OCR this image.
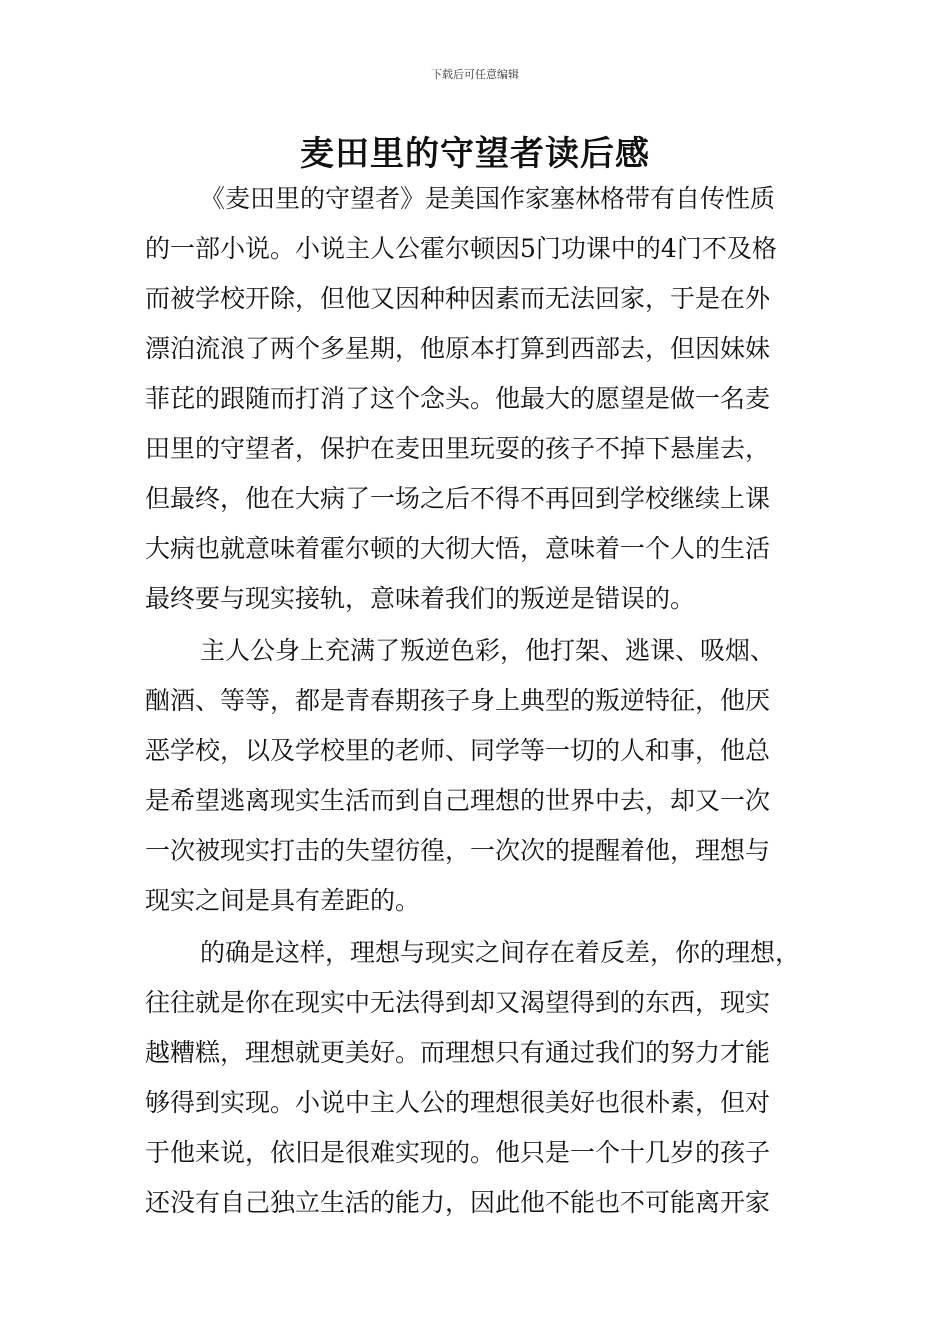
下载后可任意编辑
麦田里的守望者读后感
《麦田里的守望者》是美国作家塞林格带有自传性质
的一部小说。小说主人公霍尔顿因5门功课中的4门不及格
而被学校开除，但他又因种种因素而无法回家，于是在外
漂泊流浪了两个多星期，他原本打算到西部去，但因妹妹
菲芘的跟随而打消了这个念头。他最大的愿望是做一名麦
田里的守望者，保护在麦田里玩耍的孩子不掉下悬崖去，
但最终，他在大病了一场之后不得不再回到学校继续上课
大病也就意味着霍尔顿的大彻大悟，意味着一个人的生活
最终要与现实接轨，意味着我们的叛逆是错误的。
主人公身上充满了叛逆色彩，他打架、逃课、吸烟、
酗酒、等等，都是青春期孩子身上典型的叛逆特征，他厌
恶学校，以及学校里的老师、同学等一切的人和事，他总
是希望逃离现实生活而到自己理想的世界中去，却又一次
一次被现实打击的失望彷徨，一次次的提醒着他，理想与
现实之间是具有差距的。
的确是这样，理想与现实之间存在着反差，你的理想，
往往就是你在现实中无法得到却又渴望得到的东西，现实
越糟糕，理想就更美好。而理想只有通过我们的努力才能
够得到实现。小说中主人公的理想很美好也很朴素，但对
于他来说，依旧是很难实现的。他只是一个十几岁的孩子
还没有自己独立生活的能力，因此他不能也不可能离开家
